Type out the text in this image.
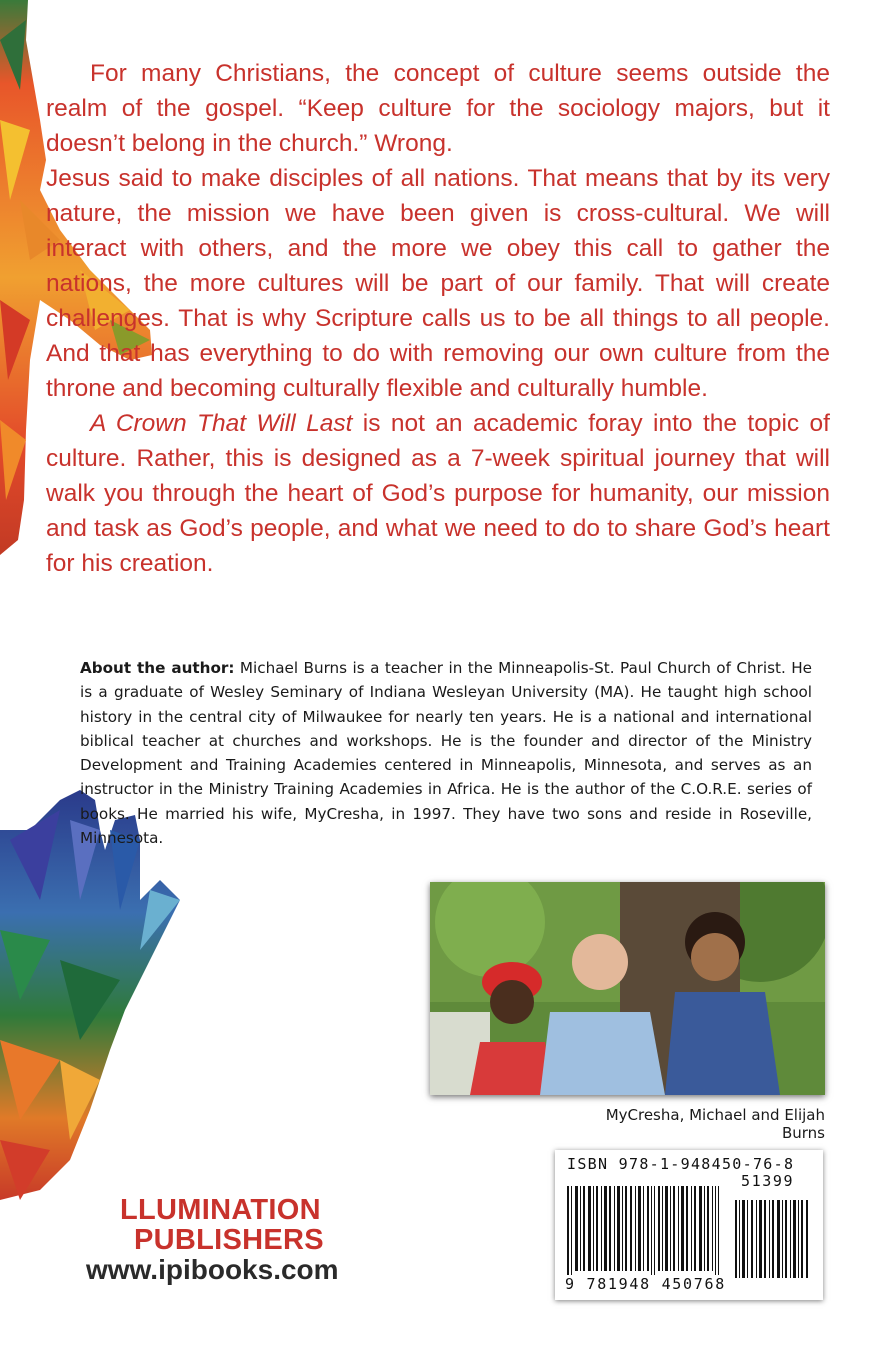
For many Christians, the concept of culture seems outside the realm of the gospel. “Keep culture for the sociology majors, but it doesn’t belong in the church.” Wrong.

Jesus said to make disciples of all nations. That means that by its very nature, the mission we have been given is cross-cultural. We will interact with others, and the more we obey this call to gather the nations, the more cultures will be part of our family. That will create challenges. That is why Scripture calls us to be all things to all people. And that has everything to do with removing our own culture from the throne and becoming culturally flexible and culturally humble.

A Crown That Will Last is not an academic foray into the topic of culture. Rather, this is designed as a 7-week spiritual journey that will walk you through the heart of God’s purpose for humanity, our mission and task as God’s people, and what we need to do to share God’s heart for his creation.

About the author: Michael Burns is a teacher in the Minneapolis-St. Paul Church of Christ. He is a graduate of Wesley Seminary of Indiana Wesleyan University (MA). He taught high school history in the central city of Milwaukee for nearly ten years. He is a national and international biblical teacher at churches and workshops. He is the founder and director of the Ministry Development and Training Academies centered in Minneapolis, Minnesota, and serves as an instructor in the Ministry Training Academies in Africa. He is the author of the C.O.R.E. series of books. He married his wife, MyCresha, in 1997. They have two sons and reside in Roseville, Minnesota.
MyCresha, Michael and Elijah Burns
ISBN 978-1-948450-76-8
51399
9 781948 450768
LLUMINATION
PUBLISHERS
www.ipibooks.com
